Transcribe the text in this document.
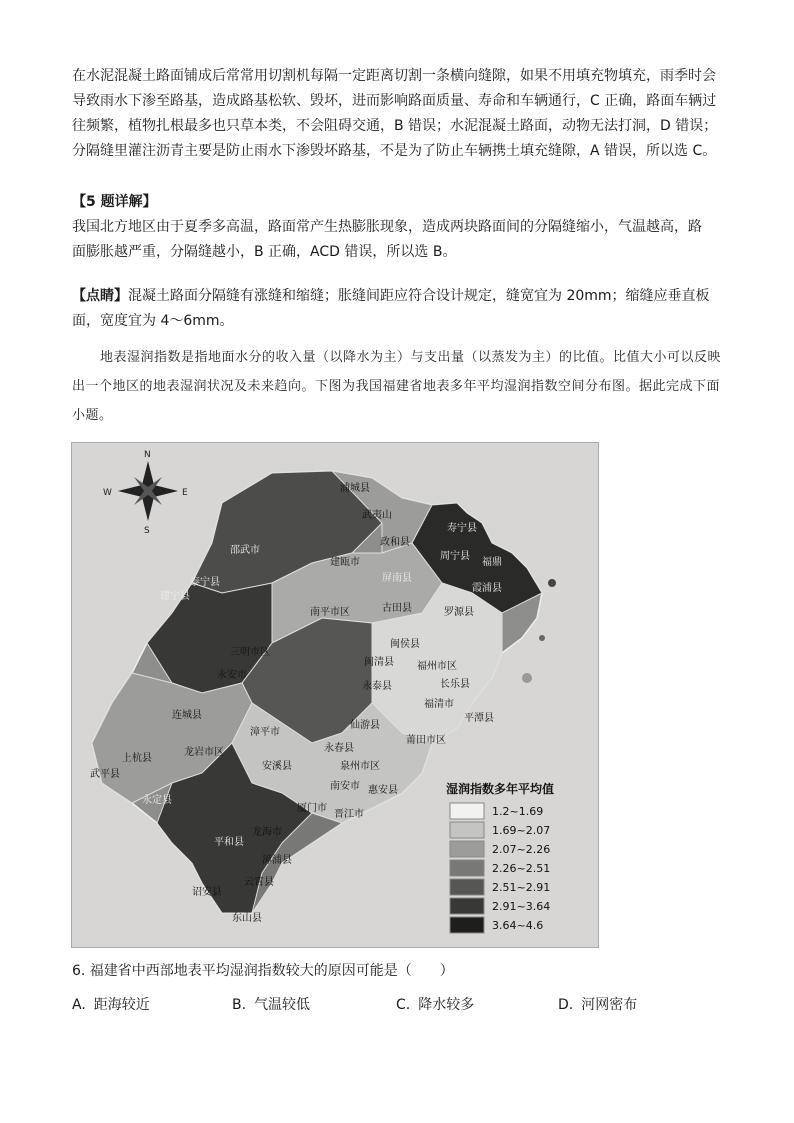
在水泥混凝土路面铺成后常常用切割机每隔一定距离切割一条横向缝隙，如果不用填充物填充，雨季时会
导致雨水下渗至路基，造成路基松软、毁坏，进而影响路面质量、寿命和车辆通行，C 正确，路面车辆过
往频繁，植物扎根最多也只草本类，不会阻碍交通，B 错误；水泥混凝土路面，动物无法打洞，D 错误；
分隔缝里灌注沥青主要是防止雨水下渗毁坏路基，不是为了防止车辆携土填充缝隙，A 错误，所以选 C。
【5 题详解】
我国北方地区由于夏季多高温，路面常产生热膨胀现象，造成两块路面间的分隔缝缩小，气温越高，路
面膨胀越严重，分隔缝越小，B 正确，ACD 错误，所以选 B。
【点睛】混凝土路面分隔缝有涨缝和缩缝；胀缝间距应符合设计规定，缝宽宜为 20mm；缩缝应垂直板
面，宽度宜为 4～6mm。
地表湿润指数是指地面水分的收入量（以降水为主）与支出量（以蒸发为主）的比值。比值大小可以反映出一个地区的地表湿润状况及未来趋向。下图为我国福建省地表多年平均湿润指数空间分布图。据此完成下面小题。
N
S
E
W	浦城县
武夷山
寿宁县
政和县
周宁县
福鼎
邵武市
建瓯市
屏南县
霞浦县
泰宁县
建宁县
古田县	罗源县
南平市区
三明市区
闽侯县
福州市区
长乐县
永安市
永泰县
闽清县
连城县
仙游县
福清市
平潭县
莆田市区
漳平市
龙岩市区
上杭县
武平县
永定县
安溪县
永春县
泉州市区
南安市 惠安县
厦门市
晋江市
龙海市
漳浦县
平和县
云霄县
诏安县
东山县
湿润指数多年平均值
1.2~1.69
1.69~2.07
2.07~2.26
2.26~2.51
2.51~2.91
2.91~3.64
3.64~4.6
6. 福建省中西部地表平均湿润指数较大的原因可能是（　　）
A. 距海较近	B. 气温较低	C. 降水较多	D. 河网密布
